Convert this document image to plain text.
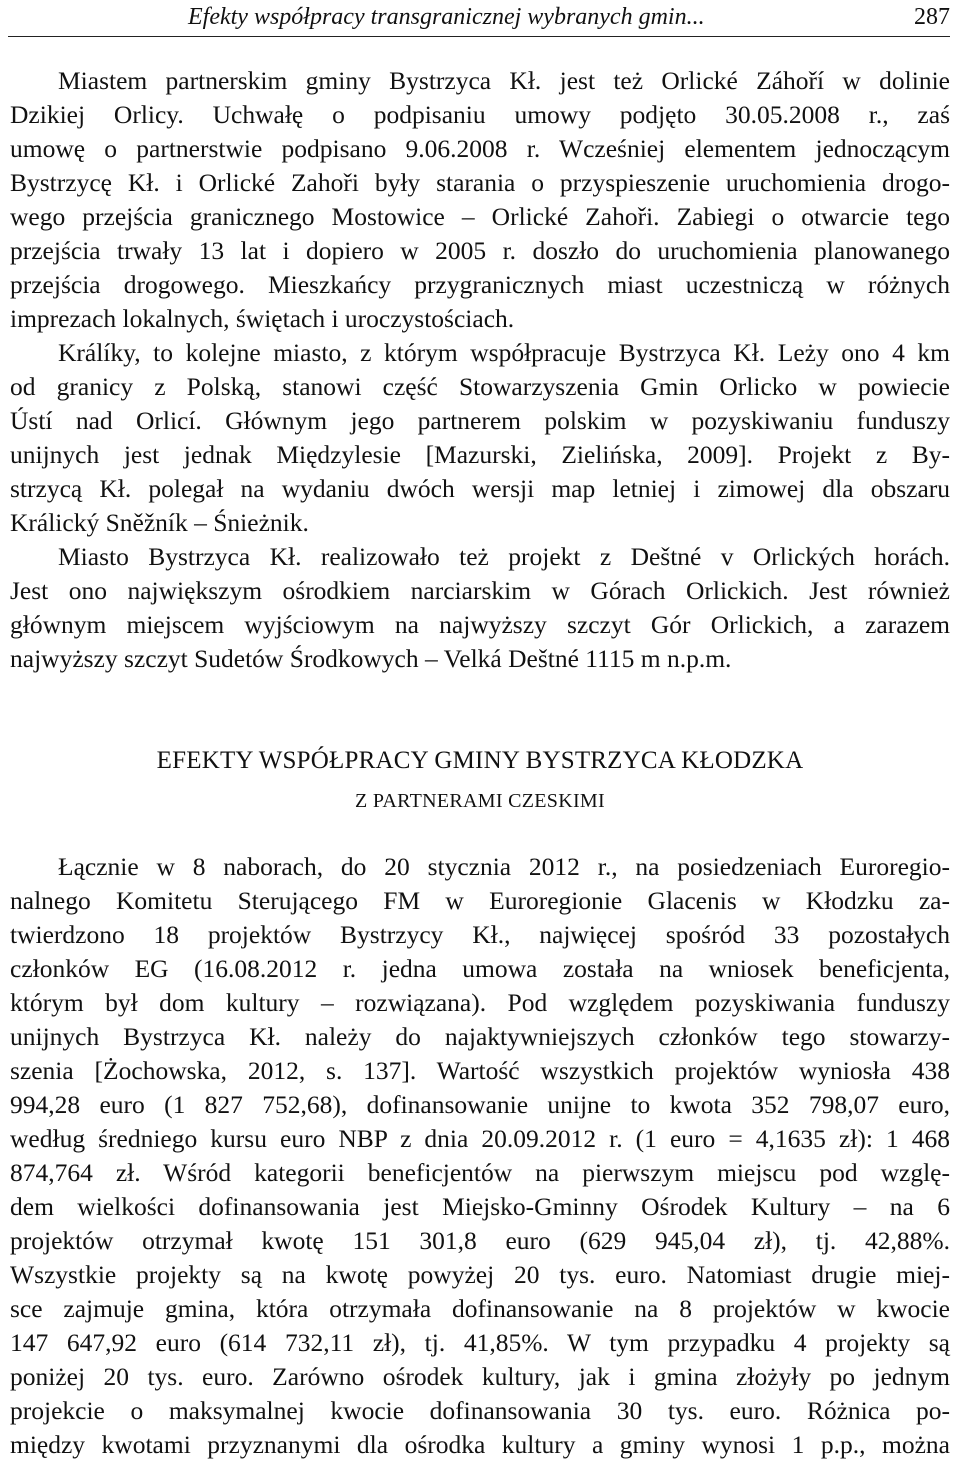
Efekty współpracy transgranicznej wybranych gmin...	287
Miastem partnerskim gminy Bystrzyca Kł. jest też Orlické Záhoří w dolinie
Dzikiej Orlicy. Uchwałę o podpisaniu umowy podjęto 30.05.2008 r., zaś
umowę o partnerstwie podpisano 9.06.2008 r. Wcześniej elementem jednoczącym
Bystrzycę Kł. i Orlické Zahoři były starania o przyspieszenie uruchomienia drogo-
wego przejścia granicznego Mostowice – Orlické Zahoři. Zabiegi o otwarcie tego
przejścia trwały 13 lat i dopiero w 2005 r. doszło do uruchomienia planowanego
przejścia drogowego. Mieszkańcy przygranicznych miast uczestniczą w różnych
imprezach lokalnych, świętach i uroczystościach.
Králíky, to kolejne miasto, z którym współpracuje Bystrzyca Kł. Leży ono 4 km
od granicy z Polską, stanowi część Stowarzyszenia Gmin Orlicko w powiecie
Ústí nad Orlicí. Głównym jego partnerem polskim w pozyskiwaniu funduszy
unijnych jest jednak Międzylesie [Mazurski, Zielińska, 2009]. Projekt z By-
strzycą Kł. polegał na wydaniu dwóch wersji map letniej i zimowej dla obszaru
Králický Sněžník – Śnieżnik.
Miasto Bystrzyca Kł. realizowało też projekt z Deštné v Orlických horách.
Jest ono największym ośrodkiem narciarskim w Górach Orlickich. Jest również
głównym miejscem wyjściowym na najwyższy szczyt Gór Orlickich, a zarazem
najwyższy szczyt Sudetów Środkowych – Velká Deštné 1115 m n.p.m.
EFEKTY WSPÓŁPRACY GMINY BYSTRZYCA KŁODZKA
Z PARTNERAMI CZESKIMI
Łącznie w 8 naborach, do 20 stycznia 2012 r., na posiedzeniach Euroregio-
nalnego Komitetu Sterującego FM w Euroregionie Glacenis w Kłodzku za-
twierdzono 18 projektów Bystrzycy Kł., najwięcej spośród 33 pozostałych
członków EG (16.08.2012 r. jedna umowa została na wniosek beneficjenta,
którym był dom kultury – rozwiązana). Pod względem pozyskiwania funduszy
unijnych Bystrzyca Kł. należy do najaktywniejszych członków tego stowarzy-
szenia [Żochowska, 2012, s. 137]. Wartość wszystkich projektów wyniosła 438
994,28 euro (1 827 752,68), dofinansowanie unijne to kwota 352 798,07 euro,
według średniego kursu euro NBP z dnia 20.09.2012 r. (1 euro = 4,1635 zł): 1 468
874,764 zł. Wśród kategorii beneficjentów na pierwszym miejscu pod wzglę-
dem wielkości dofinansowania jest Miejsko-Gminny Ośrodek Kultury – na 6
projektów otrzymał kwotę 151 301,8 euro (629 945,04 zł), tj. 42,88%.
Wszystkie projekty są na kwotę powyżej 20 tys. euro. Natomiast drugie miej-
sce zajmuje gmina, która otrzymała dofinansowanie na 8 projektów w kwocie
147 647,92 euro (614 732,11 zł), tj. 41,85%. W tym przypadku 4 projekty są
poniżej 20 tys. euro. Zarówno ośrodek kultury, jak i gmina złożyły po jednym
projekcie o maksymalnej kwocie dofinansowania 30 tys. euro. Różnica po-
między kwotami przyznanymi dla ośrodka kultury a gminy wynosi 1 p.p., można
